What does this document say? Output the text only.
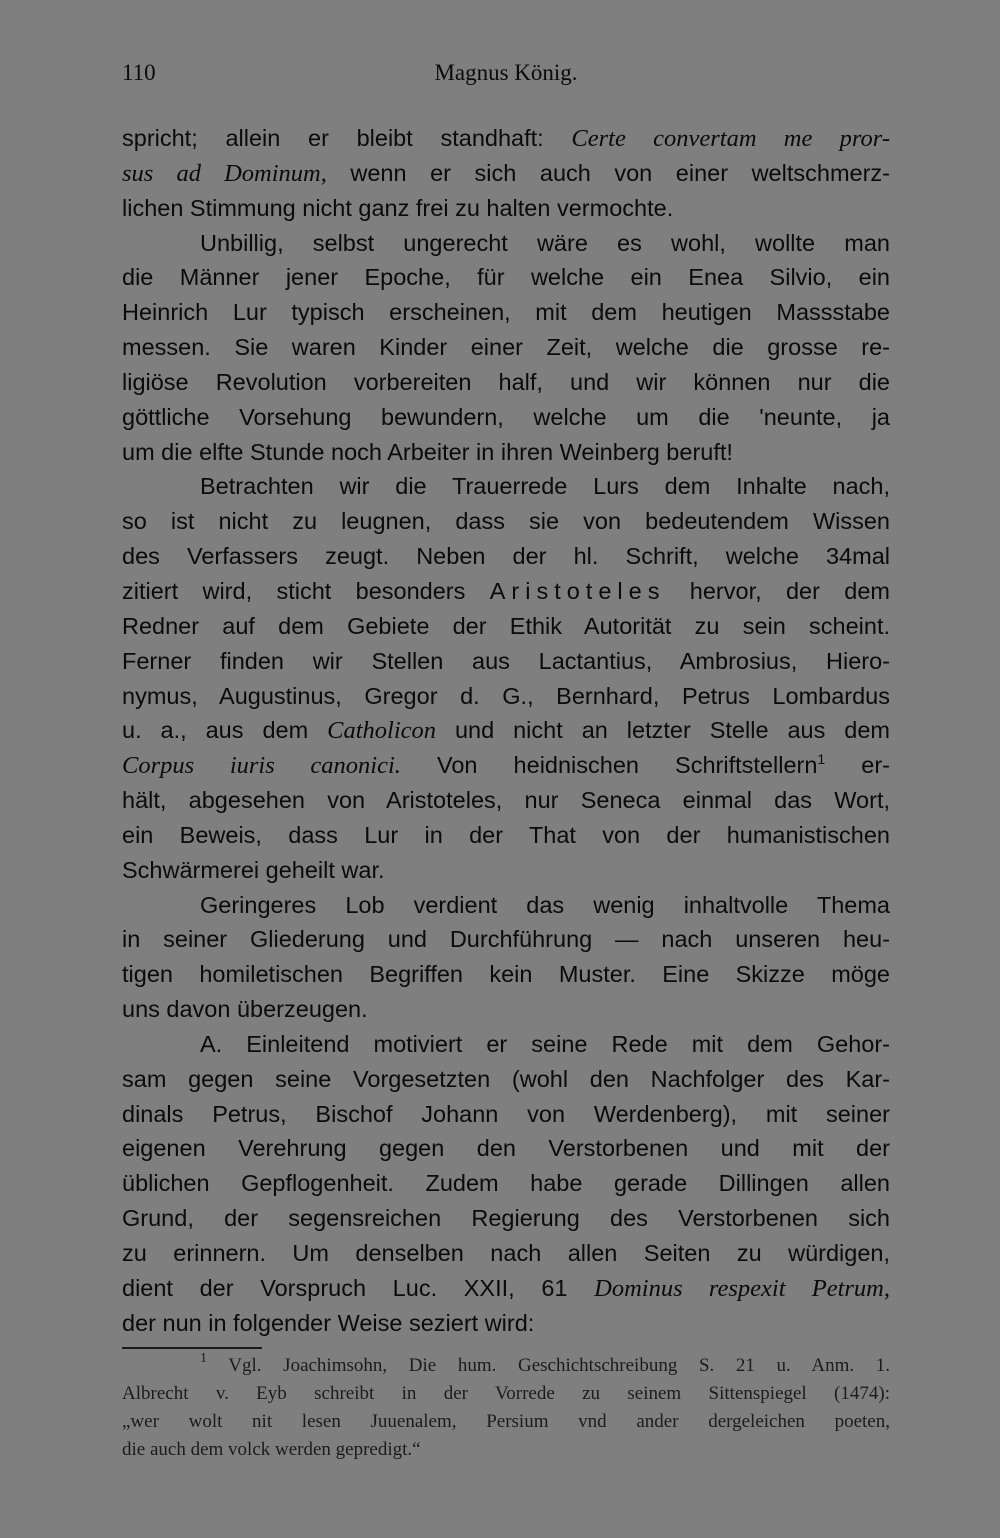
110	Magnus König.
spricht; allein er bleibt standhaft: Certe convertam me pror-
sus ad Dominum, wenn er sich auch von einer weltschmerz-
lichen Stimmung nicht ganz frei zu halten vermochte.
Unbillig, selbst ungerecht wäre es wohl, wollte man
die Männer jener Epoche, für welche ein Enea Silvio, ein
Heinrich Lur typisch erscheinen, mit dem heutigen Massstabe
messen. Sie waren Kinder einer Zeit, welche die grosse re-
ligiöse Revolution vorbereiten half, und wir können nur die
göttliche Vorsehung bewundern, welche um die 'neunte, ja
um die elfte Stunde noch Arbeiter in ihren Weinberg beruft!
Betrachten wir die Trauerrede Lurs dem Inhalte nach,
so ist nicht zu leugnen, dass sie von bedeutendem Wissen
des Verfassers zeugt. Neben der hl. Schrift, welche 34mal
zitiert wird, sticht besonders Aristoteles hervor, der dem
Redner auf dem Gebiete der Ethik Autorität zu sein scheint.
Ferner finden wir Stellen aus Lactantius, Ambrosius, Hiero-
nymus, Augustinus, Gregor d. G., Bernhard, Petrus Lombardus
u. a., aus dem Catholicon und nicht an letzter Stelle aus dem
Corpus iuris canonici. Von heidnischen Schriftstellern$^1$ er-
hält, abgesehen von Aristoteles, nur Seneca einmal das Wort,
ein Beweis, dass Lur in der That von der humanistischen
Schwärmerei geheilt war.
Geringeres Lob verdient das wenig inhaltvolle Thema
in seiner Gliederung und Durchführung — nach unseren heu-
tigen homiletischen Begriffen kein Muster. Eine Skizze möge
uns davon überzeugen.
A. Einleitend motiviert er seine Rede mit dem Gehor-
sam gegen seine Vorgesetzten (wohl den Nachfolger des Kar-
dinals Petrus, Bischof Johann von Werdenberg), mit seiner
eigenen Verehrung gegen den Verstorbenen und mit der
üblichen Gepflogenheit. Zudem habe gerade Dillingen allen
Grund, der segensreichen Regierung des Verstorbenen sich
zu erinnern. Um denselben nach allen Seiten zu würdigen,
dient der Vorspruch Luc. XXII, 61 Dominus respexit Petrum,
der nun in folgender Weise seziert wird:
$^1$ Vgl. Joachimsohn, Die hum. Geschichtschreibung S. 21 u. Anm. 1.
Albrecht v. Eyb schreibt in der Vorrede zu seinem Sittenspiegel (1474):
„wer wolt nit lesen Juuenalem, Persium vnd ander dergeleichen poeten,
die auch dem volck werden gepredigt.“
